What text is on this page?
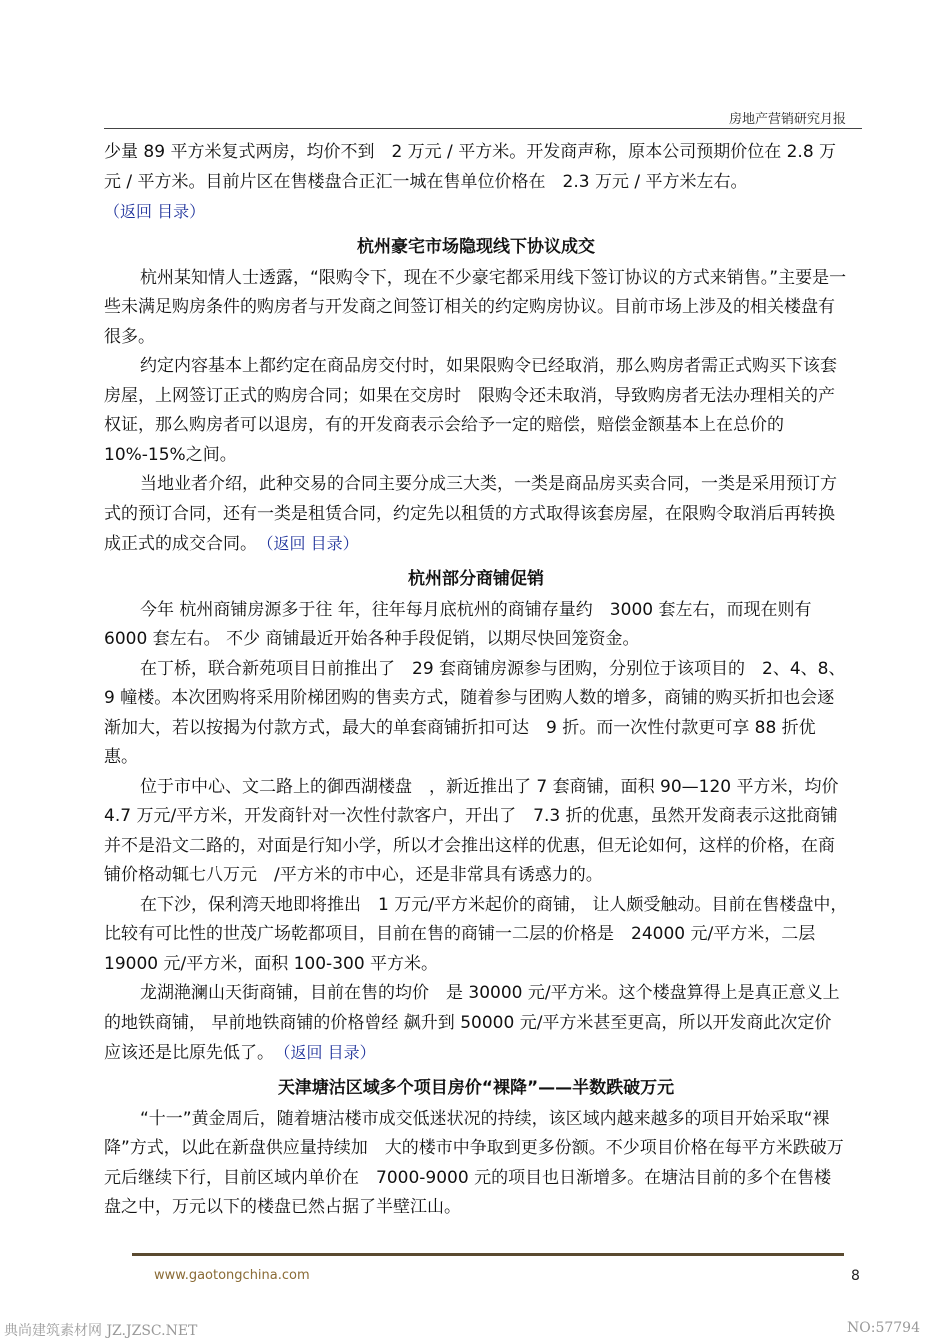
房地产营销研究月报

少量 89 平方米复式两房，均价不到　2 万元 / 平方米。开发商声称，原本公司预期价位在 2.8 万元 / 平方米。目前片区在售楼盘合正汇一城在售单位价格在　2.3 万元 / 平方米左右。

（返回 目录）

杭州豪宅市场隐现线下协议成交

杭州某知情人士透露，“限购令下，现在不少豪宅都采用线下签订协议的方式来销售。”主要是一些未满足购房条件的购房者与开发商之间签订相关的约定购房协议。目前市场上涉及的相关楼盘有很多。

约定内容基本上都约定在商品房交付时，如果限购令已经取消，那么购房者需正式购买下该套房屋，上网签订正式的购房合同；如果在交房时　限购令还未取消，导致购房者无法办理相关的产权证，那么购房者可以退房，有的开发商表示会给予一定的赔偿，赔偿金额基本上在总价的 10%-15%之间。

当地业者介绍，此种交易的合同主要分成三大类，一类是商品房买卖合同，一类是采用预订方式的预订合同，还有一类是租赁合同，约定先以租赁的方式取得该套房屋，在限购令取消后再转换成正式的成交合同。　 （返回 目录）

杭州部分商铺促销

今年 杭州商铺房源多于往 年，往年每月底杭州的商铺存量约　3000 套左右，而现在则有 6000 套左右。 不少 商铺最近开始各种手段促销，以期尽快回笼资金。

在丁桥，联合新苑项目日前推出了　29 套商铺房源参与团购，分别位于该项目的　2、4、8、9 幢楼。本次团购将采用阶梯团购的售卖方式，随着参与团购人数的增多，商铺的购买折扣也会逐渐加大，若以按揭为付款方式，最大的单套商铺折扣可达　9 折。而一次性付款更可享 88 折优惠。

位于市中心、文二路上的御西湖楼盘　，新近推出了 7 套商铺，面积 90—120 平方米，均价 4.7 万元/平方米，开发商针对一次性付款客户，开出了　7.3 折的优惠，虽然开发商表示这批商铺并不是沿文二路的，对面是行知小学，所以才会推出这样的优惠，但无论如何，这样的价格，在商铺价格动辄七八万元　/平方米的市中心，还是非常具有诱惑力的。

在下沙，保利湾天地即将推出　1 万元/平方米起价的商铺， 让人颇受触动。目前在售楼盘中，比较有可比性的世茂广场乾都项目，目前在售的商铺一二层的价格是　24000 元/平方米，二层 19000 元/平方米，面积 100-300 平方米。

龙湖滟澜山天街商铺，目前在售的均价　是 30000 元/平方米。这个楼盘算得上是真正意义上的地铁商铺， 早前地铁商铺的价格曾经 飙升到 50000 元/平方米甚至更高，所以开发商此次定价应该还是比原先低了。　 （返回 目录）

天津塘沽区域多个项目房价“裸降”——半数跌破万元

“十一”黄金周后，随着塘沽楼市成交低迷状况的持续，该区域内越来越多的项目开始采取“裸降”方式，以此在新盘供应量持续加　大的楼市中争取到更多份额。不少项目价格在每平方米跌破万元后继续下行，目前区域内单价在　7000-9000 元的项目也日渐增多。在塘沽目前的多个在售楼盘之中，万元以下的楼盘已然占据了半壁江山。

www.gaotongchina.com	8
典尚建筑素材网 JZ.JZSC.NET	NO:57794
